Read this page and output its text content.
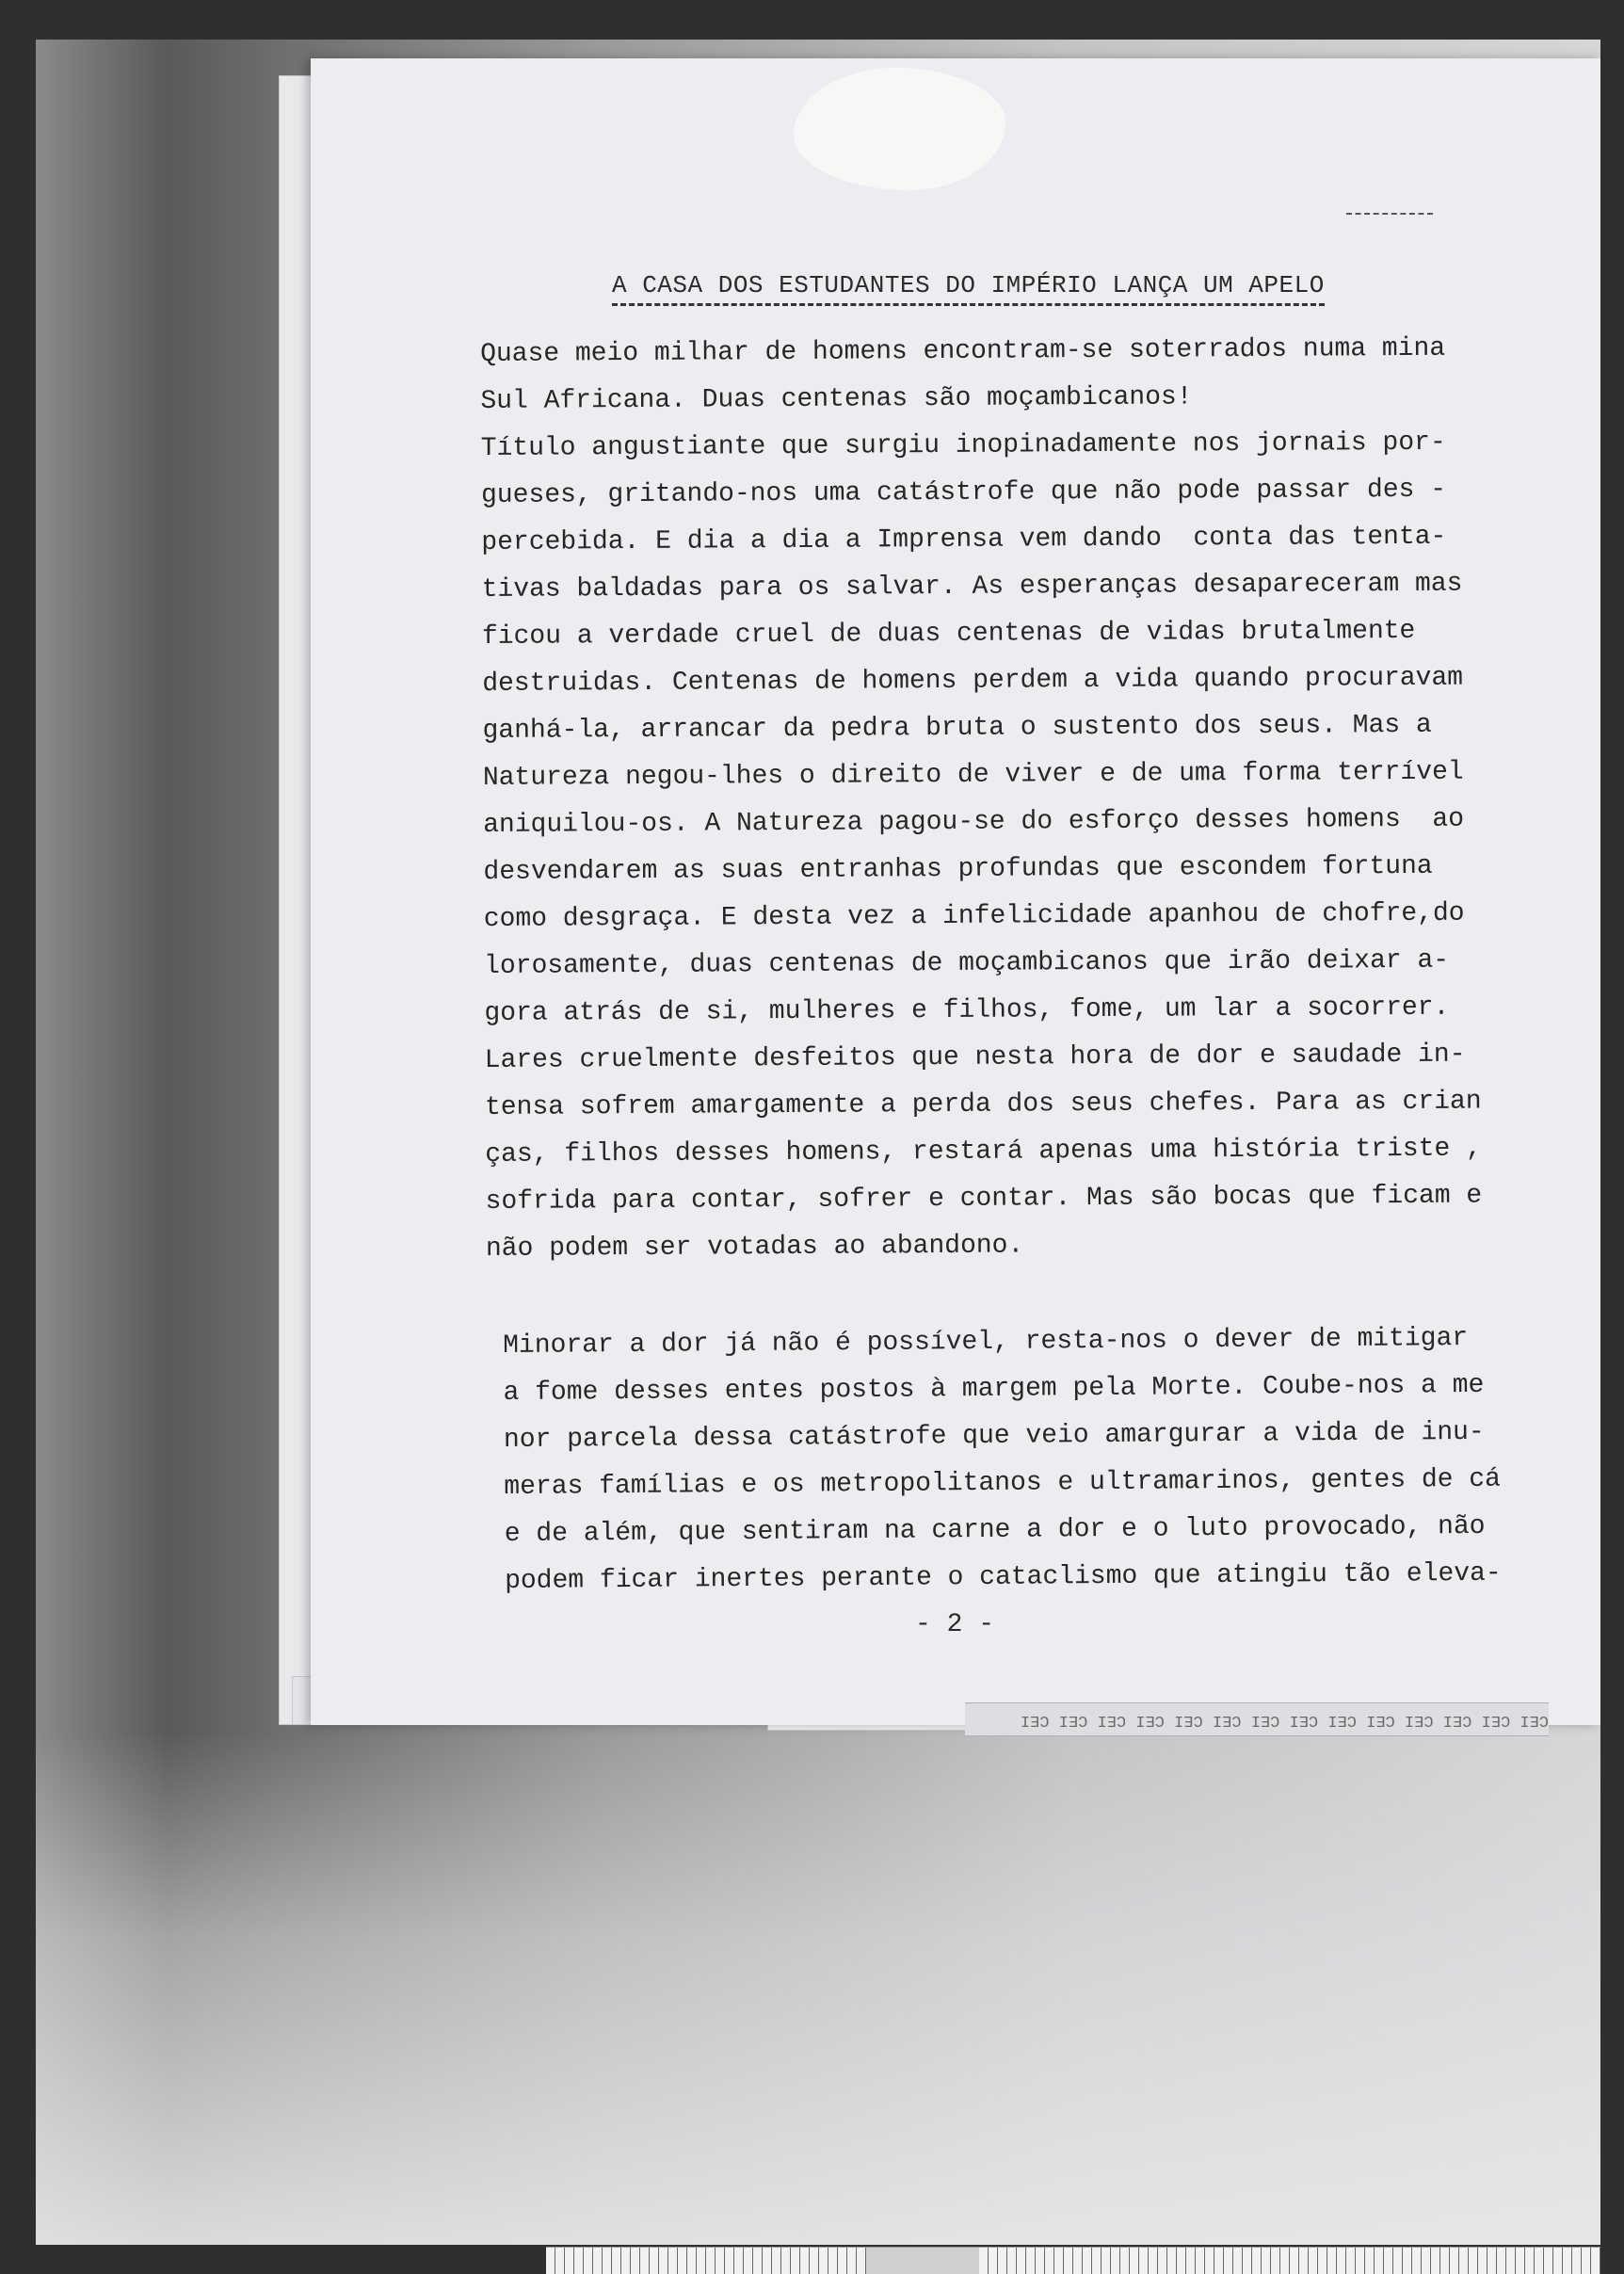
A CASA DOS ESTUDANTES DO IMPÉRIO LANÇA UM APELO

Quase meio milhar de homens encontram-se soterrados numa mina
Sul Africana. Duas centenas são moçambicanos!
Título angustiante que surgiu inopinadamente nos jornais por-
gueses, gritando-nos uma catástrofe que não pode passar des -
percebida. E dia a dia a Imprensa vem dando  conta das tenta-
tivas baldadas para os salvar. As esperanças desapareceram mas
ficou a verdade cruel de duas centenas de vidas brutalmente
destruidas. Centenas de homens perdem a vida quando procuravam
ganhá-la, arrancar da pedra bruta o sustento dos seus. Mas a
Natureza negou-lhes o direito de viver e de uma forma terrível
aniquilou-os. A Natureza pagou-se do esforço desses homens  ao
desvendarem as suas entranhas profundas que escondem fortuna
como desgraça. E desta vez a infelicidade apanhou de chofre,do
lorosamente, duas centenas de moçambicanos que irão deixar a-
gora atrás de si, mulheres e filhos, fome, um lar a socorrer.
Lares cruelmente desfeitos que nesta hora de dor e saudade in-
tensa sofrem amargamente a perda dos seus chefes. Para as crian
ças, filhos desses homens, restará apenas uma história triste ,
sofrida para contar, sofrer e contar. Mas são bocas que ficam e
não podem ser votadas ao abandono.

Minorar a dor já não é possível, resta-nos o dever de mitigar
a fome desses entes postos à margem pela Morte. Coube-nos a me
nor parcela dessa catástrofe que veio amargurar a vida de inu-
meras famílias e os metropolitanos e ultramarinos, gentes de cá
e de além, que sentiram na carne a dor e o luto provocado, não
podem ficar inertes perante o cataclismo que atingiu tão eleva-

- 2 -
CEI CEI CEI CEI CEI CEI CEI CEI CEI CEI CEI CEI CEI CEI
